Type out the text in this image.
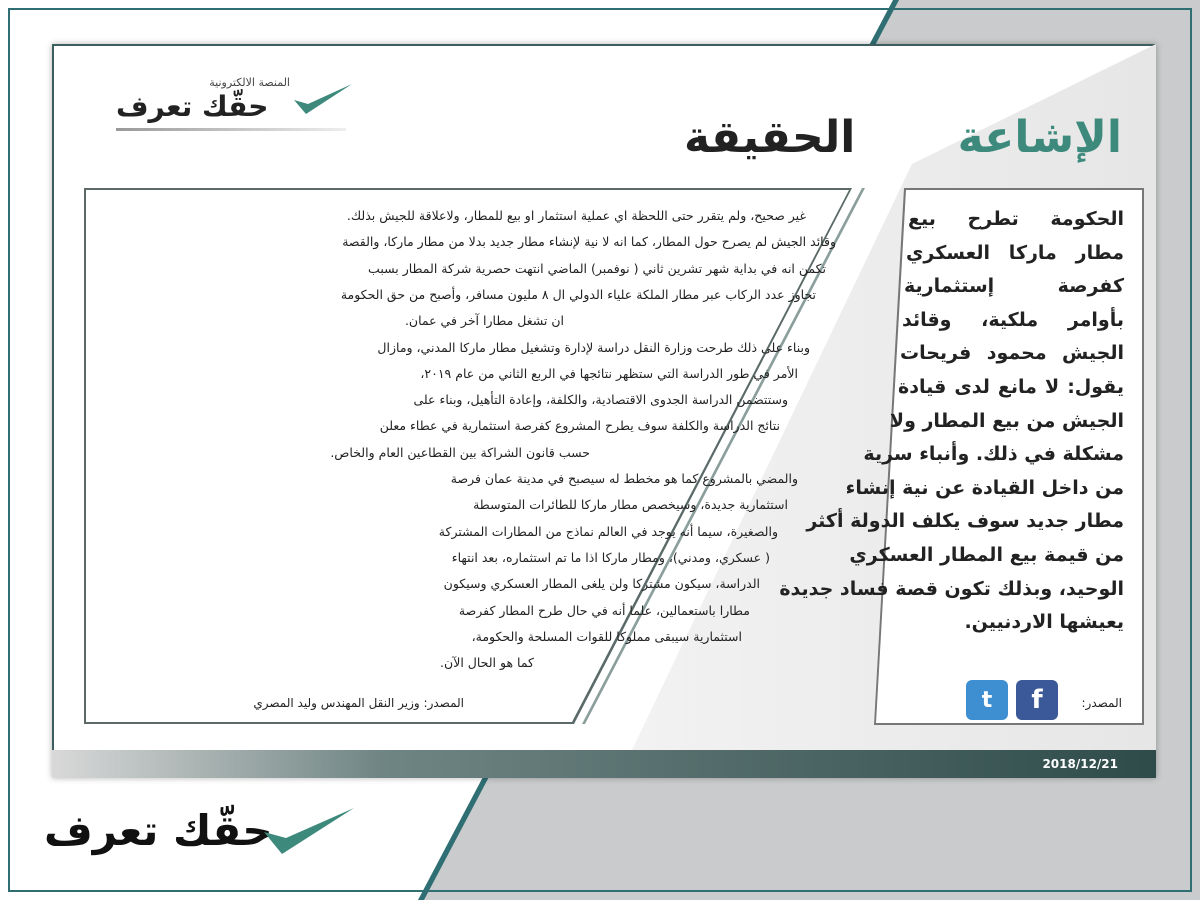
المنصة الالكترونية
حقّك تعرف
الإشاعة
الحقيقة
غير صحيح، ولم يتقرر حتى اللحظة اي عملية استثمار او بيع للمطار، ولاعلاقة للجيش بذلك.
وقائد الجيش لم يصرح حول المطار، كما انه لا نية لإنشاء مطار جديد بدلا من مطار ماركا، والقصة
تكمن انه في بداية شهر تشرين ثاني ( نوفمبر) الماضي انتهت حصرية شركة المطار بسبب
تجاوز عدد الركاب عبر مطار الملكة علياء الدولي ال ٨ مليون مسافر، وأصبح من حق الحكومة
ان تشغل مطارا آخر في عمان.
وبناء على ذلك طرحت وزارة النقل دراسة لإدارة وتشغيل مطار ماركا المدني، ومازال
الأمر في طور الدراسة التي ستظهر نتائجها في الربع الثاني من عام ٢٠١٩،
وستتضمن الدراسة الجدوى الاقتصادية، والكلفة، وإعادة التأهيل، وبناء على
نتائج الدراسة والكلفة سوف يطرح المشروع كفرصة استثمارية في عطاء معلن
حسب قانون الشراكة بين القطاعين العام والخاص.
والمضي بالمشروع كما هو مخطط له سيصبح في مدينة عمان فرصة
استثمارية جديدة، وسيخصص مطار ماركا للطائرات المتوسطة
والصغيرة، سيما أنه يوجد في العالم نماذج من المطارات المشتركة
( عسكري، ومدني)، ومطار ماركا اذا ما تم استثماره، بعد انتهاء
الدراسة، سيكون مشتركا ولن يلغى المطار العسكري وسيكون
مطارا باستعمالين، علما أنه في حال طرح المطار كفرصة
استثمارية سيبقى مملوكا للقوات المسلحة والحكومة،
كما هو الحال الآن.
الحكومة تطرح بيع
مطار ماركا العسكري
كفرصة إستثمارية
بأوامر ملكية، وقائد
الجيش محمود فريحات
يقول: لا مانع لدى قيادة
الجيش من بيع المطار ولا
مشكلة في ذلك. وأنباء سرية
من داخل القيادة عن نية إنشاء
مطار جديد سوف يكلف الدولة أكثر
من قيمة بيع المطار العسكري
الوحيد، وبذلك تكون قصة فساد جديدة
يعيشها الاردنيين.
المصدر: وزير النقل المهندس وليد المصري	المصدر:
f
t
2018/12/21
حقّك تعرف
